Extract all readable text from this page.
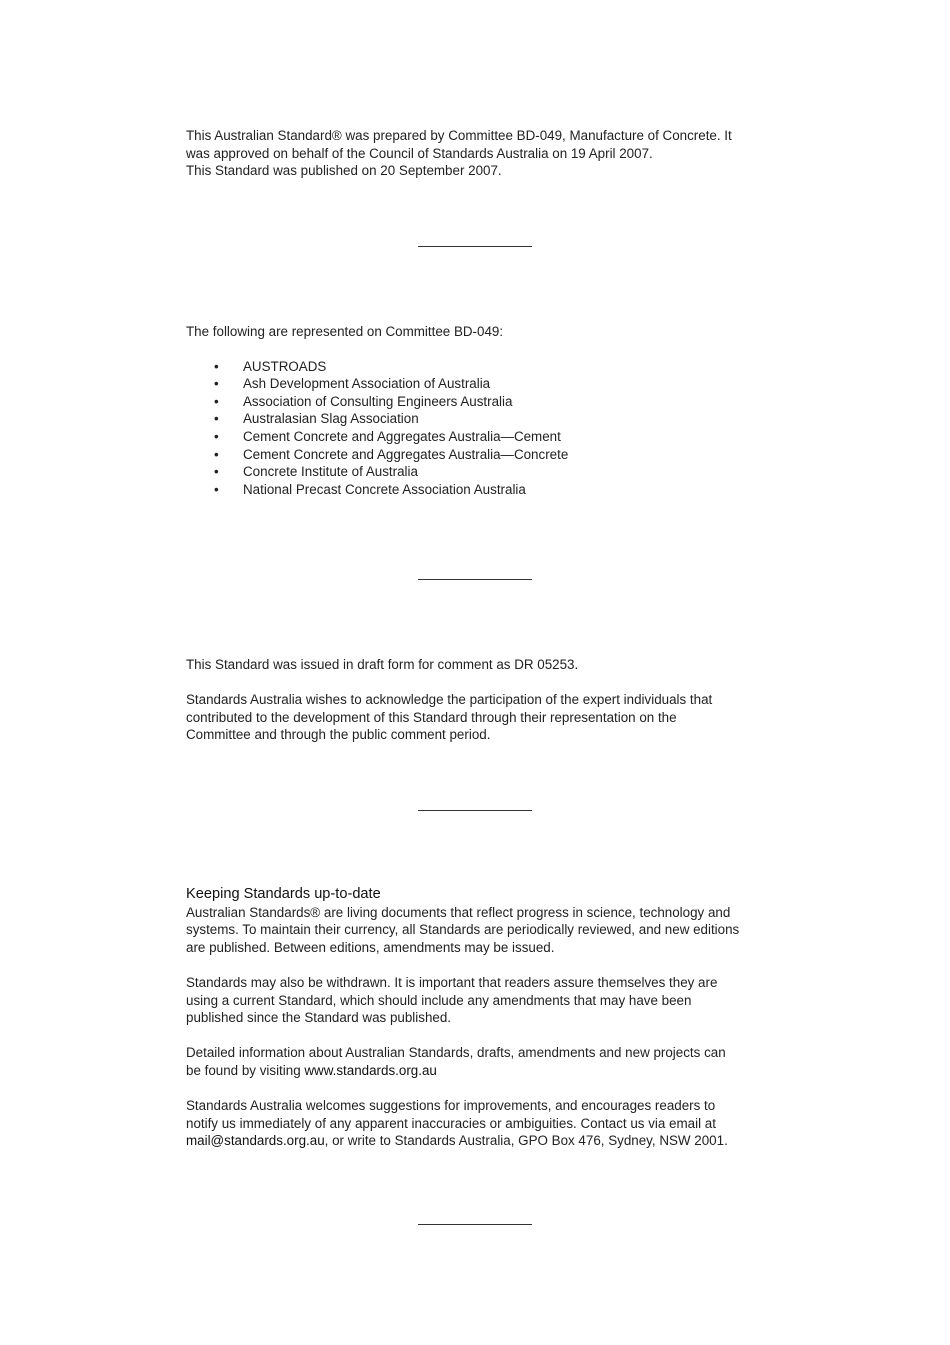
This Australian Standard® was prepared by Committee BD-049, Manufacture of Concrete. It
was approved on behalf of the Council of Standards Australia on 19 April 2007.
This Standard was published on 20 September 2007.
The following are represented on Committee BD-049:
• AUSTROADS
• Ash Development Association of Australia
• Association of Consulting Engineers Australia
• Australasian Slag Association
• Cement Concrete and Aggregates Australia—Cement
• Cement Concrete and Aggregates Australia—Concrete
• Concrete Institute of Australia
• National Precast Concrete Association Australia
This Standard was issued in draft form for comment as DR 05253.
Standards Australia wishes to acknowledge the participation of the expert individuals that
contributed to the development of this Standard through their representation on the
Committee and through the public comment period.
Keeping Standards up-to-date
Australian Standards® are living documents that reflect progress in science, technology and
systems. To maintain their currency, all Standards are periodically reviewed, and new editions
are published. Between editions, amendments may be issued.
Standards may also be withdrawn. It is important that readers assure themselves they are
using a current Standard, which should include any amendments that may have been
published since the Standard was published.
Detailed information about Australian Standards, drafts, amendments and new projects can
be found by visiting www.standards.org.au
Standards Australia welcomes suggestions for improvements, and encourages readers to
notify us immediately of any apparent inaccuracies or ambiguities. Contact us via email at
mail@standards.org.au, or write to Standards Australia, GPO Box 476, Sydney, NSW 2001.
